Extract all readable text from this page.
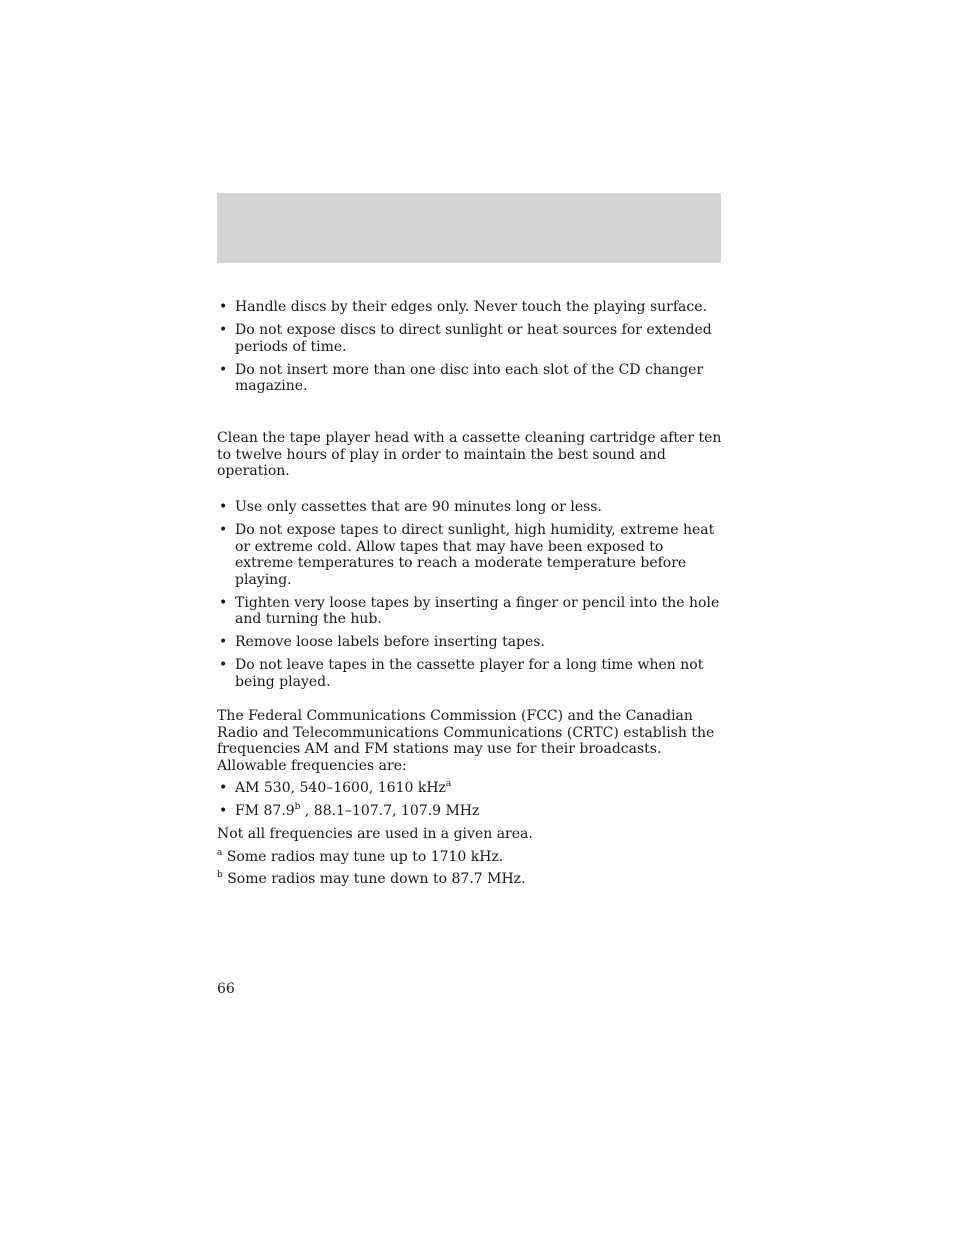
• Handle discs by their edges only. Never touch the playing surface.
• Do not expose discs to direct sunlight or heat sources for extended periods of time.
• Do not insert more than one disc into each slot of the CD changer magazine.

Clean the tape player head with a cassette cleaning cartridge after ten to twelve hours of play in order to maintain the best sound and operation.

• Use only cassettes that are 90 minutes long or less.
• Do not expose tapes to direct sunlight, high humidity, extreme heat or extreme cold. Allow tapes that may have been exposed to extreme temperatures to reach a moderate temperature before playing.
• Tighten very loose tapes by inserting a finger or pencil into the hole and turning the hub.
• Remove loose labels before inserting tapes.
• Do not leave tapes in the cassette player for a long time when not being played.

The Federal Communications Commission (FCC) and the Canadian Radio and Telecommunications Communications (CRTC) establish the frequencies AM and FM stations may use for their broadcasts. Allowable frequencies are:

• AM 530, 540–1600, 1610 kHz$^a$
• FM 87.9$^b$ , 88.1–107.7, 107.9 MHz

Not all frequencies are used in a given area.

$^a$ Some radios may tune up to 1710 kHz.

$^b$ Some radios may tune down to 87.7 MHz.

66
